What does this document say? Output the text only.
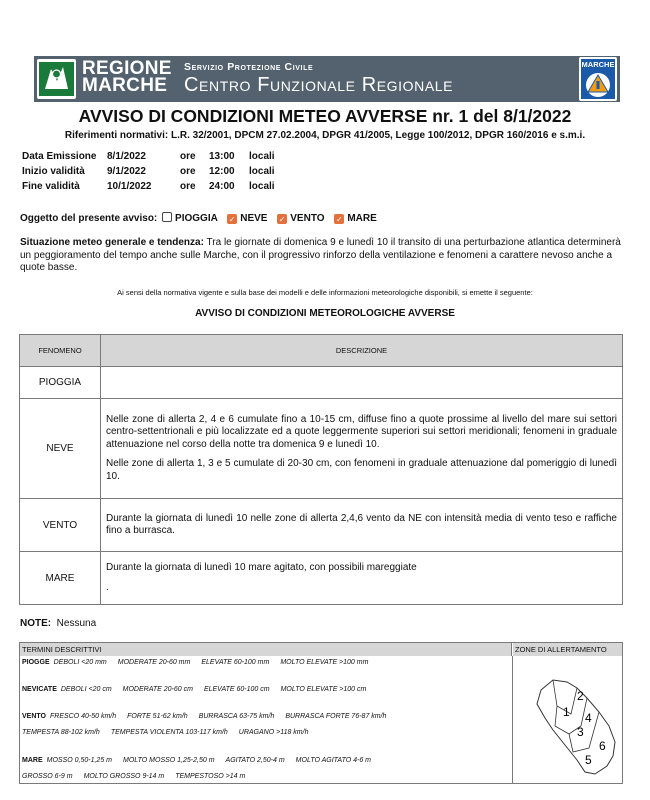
REGIONE
MARCHE
Servizio Protezione Civile
Centro Funzionale Regionale
MARCHE
AVVISO DI CONDIZIONI METEO AVVERSE nr. 1 del 8/1/2022
Riferimenti normativi: L.R. 32/2001, DPCM 27.02.2004, DPGR 41/2005, Legge 100/2012, DPGR 160/2016 e s.m.i.
Data Emissione 8/1/2022	ore 13:00 locali
Inizio validità 9/1/2022	ore 12:00 locali
Fine validità	10/1/2022	ore 24:00 locali
Oggetto del presente avviso: PIOGGIA ✓ NEVE ✓ VENTO ✓ MARE
Situazione meteo generale e tendenza: Tra le giornate di domenica 9 e lunedì 10 il transito di una perturbazione atlantica determinerà un peggioramento del tempo anche sulle Marche, con il progressivo rinforzo della ventilazione e fenomeni a carattere nevoso anche a quote basse.
Ai sensi della normativa vigente e sulla base dei modelli e delle informazioni meteorologiche disponibili, si emette il seguente:
AVVISO DI CONDIZIONI METEOROLOGICHE AVVERSE
FENOMENO	DESCRIZIONE
PIOGGIA	
NEVE	Nelle zone di allerta 2, 4 e 6 cumulate fino a 10-15 cm, diffuse fino a quote prossime al livello del mare sui settori centro-settentrionali e più localizzate ed a quote leggermente superiori sui settori meridionali; fenomeni in graduale attenuazione nel corso della notte tra domenica 9 e lunedì 10.
Nelle zone di allerta 1, 3 e 5 cumulate di 20-30 cm, con fenomeni in graduale attenuazione dal pomeriggio di lunedì 10.

VENTO	Durante la giornata di lunedì 10 nelle zone di allerta 2,4,6 vento da NE con intensità media di vento teso e raffiche fino a burrasca.
MARE	Durante la giornata di lunedì 10 mare agitato, con possibili mareggiate
.
NOTE: Nessuna
TERMINI DESCRITTIVI	ZONE DI ALLERTAMENTO
PIOGGE DEBOLI <20 mm MODERATE 20-60 mm ELEVATE 60-100 mm MOLTO ELEVATE >100 mm
NEVICATE DEBOLI <20 cm MODERATE 20-60 cm ELEVATE 60-100 cm MOLTO ELEVATE >100 cm
VENTO FRESCO 40-50 km/h FORTE 51-62 km/h BURRASCA 63-75 km/h BURRASCA FORTE 76-87 km/h
TEMPESTA 88-102 km/h TEMPESTA VIOLENTA 103-117 km/h URAGANO >118 km/h
MARE MOSSO 0,50-1,25 m MOLTO MOSSO 1,25-2,50 m AGITATO 2,50-4 m MOLTO AGITATO 4-6 m
GROSSO 6-9 m MOLTO GROSSO 9-14 m TEMPESTOSO >14 m
2
1 4
3
6
5
